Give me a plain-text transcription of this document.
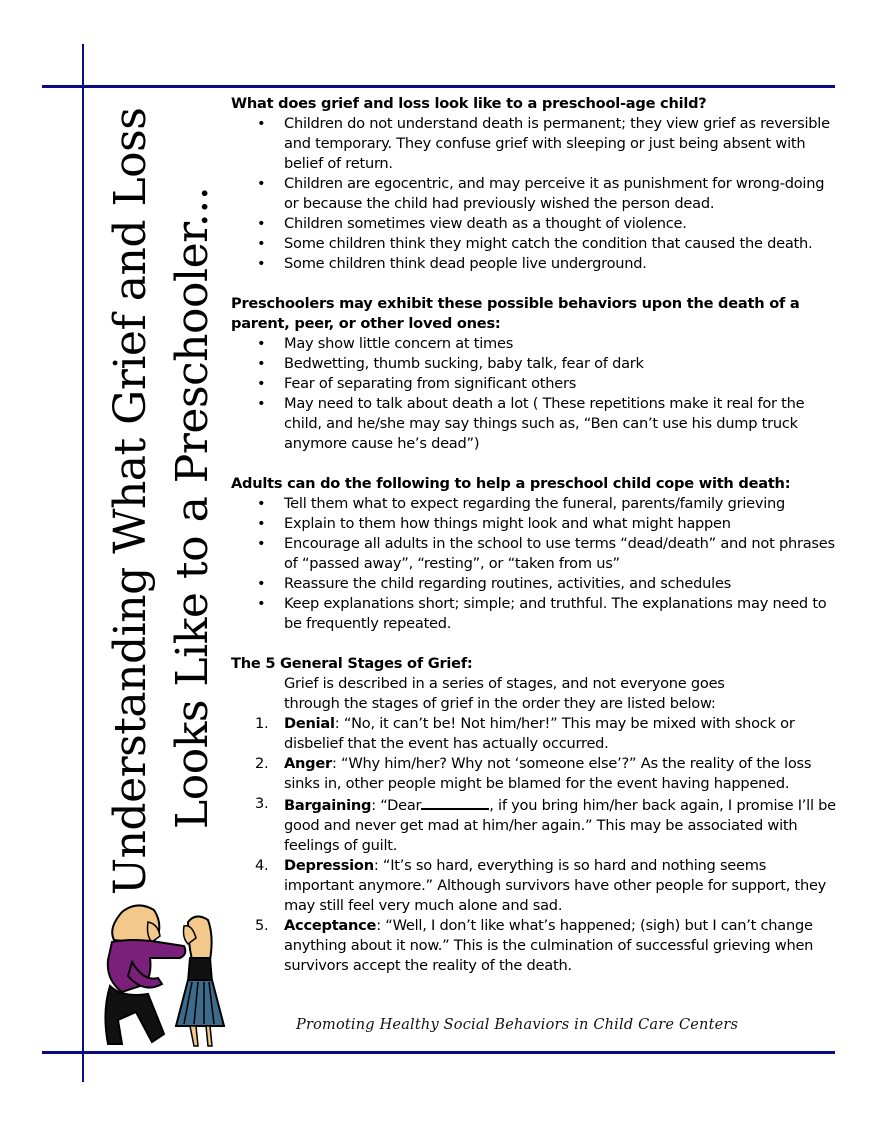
Understanding What Grief and Loss Looks Like to a Preschooler...
What does grief and loss look like to a preschool-age child?
• Children do not understand death is permanent; they view grief as reversible and temporary. They confuse grief with sleeping or just being absent with belief of return.
• Children are egocentric, and may perceive it as punishment for wrong-doing or because the child had previously wished the person dead.
• Children sometimes view death as a thought of violence.
• Some children think they might catch the condition that caused the death.
• Some children think dead people live underground.
Preschoolers may exhibit these possible behaviors upon the death of a parent, peer, or other loved ones:
• May show little concern at times
• Bedwetting, thumb sucking, baby talk, fear of dark
• Fear of separating from significant others
• May need to talk about death a lot ( These repetitions make it real for the child, and he/she may say things such as, “Ben can’t use his dump truck anymore cause he’s dead”)
Adults can do the following to help a preschool child cope with death:
• Tell them what to expect regarding the funeral, parents/family grieving
• Explain to them how things might look and what might happen
• Encourage all adults in the school to use terms “dead/death” and not phrases of “passed away”, “resting”, or “taken from us”
• Reassure the child regarding routines, activities, and schedules
• Keep explanations short; simple; and truthful. The explanations may need to be frequently repeated.
The 5 General Stages of Grief:
Grief is described in a series of stages, and not everyone goes
through the stages of grief in the order they are listed below:
1. Denial: “No, it can’t be! Not him/her!” This may be mixed with shock or disbelief that the event has actually occurred.
2. Anger: “Why him/her? Why not ‘someone else’?” As the reality of the loss sinks in, other people might be blamed for the event having happened.
3. Bargaining: “Dear	, if you bring him/her back again, I promise I’ll be good and never get mad at him/her again.” This may be associated with feelings of guilt.
4. Depression: “It’s so hard, everything is so hard and nothing seems important anymore.” Although survivors have other people for support, they may still feel very much alone and sad.
5. Acceptance: “Well, I don’t like what’s happened; (sigh) but I can’t change anything about it now.” This is the culmination of successful grieving when survivors accept the reality of the death.
Promoting Healthy Social Behaviors in Child Care Centers
